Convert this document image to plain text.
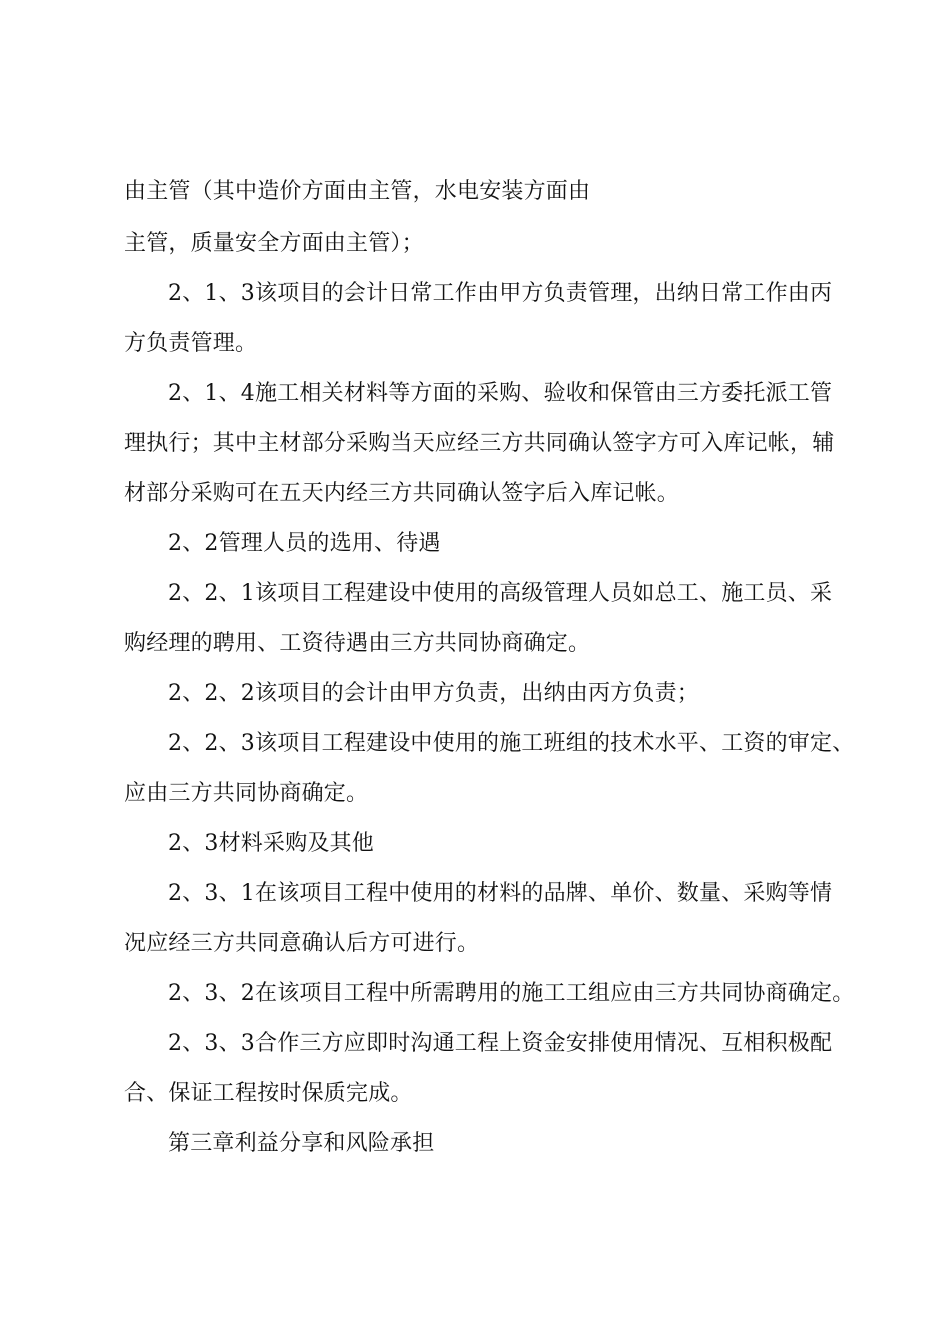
由主管（其中造价方面由主管，水电安装方面由
主管，质量安全方面由主管）；
2、1、3该项目的会计日常工作由甲方负责管理，出纳日常工作由丙
方负责管理。
2、1、4施工相关材料等方面的采购、验收和保管由三方委托派工管
理执行；其中主材部分采购当天应经三方共同确认签字方可入库记帐，辅
材部分采购可在五天内经三方共同确认签字后入库记帐。
2、2管理人员的选用、待遇
2、2、1该项目工程建设中使用的高级管理人员如总工、施工员、采
购经理的聘用、工资待遇由三方共同协商确定。
2、2、2该项目的会计由甲方负责，出纳由丙方负责；
2、2、3该项目工程建设中使用的施工班组的技术水平、工资的审定、
应由三方共同协商确定。
2、3材料采购及其他
2、3、1在该项目工程中使用的材料的品牌、单价、数量、采购等情
况应经三方共同意确认后方可进行。
2、3、2在该项目工程中所需聘用的施工工组应由三方共同协商确定。
2、3、3合作三方应即时沟通工程上资金安排使用情况、互相积极配
合、保证工程按时保质完成。
第三章利益分享和风险承担
